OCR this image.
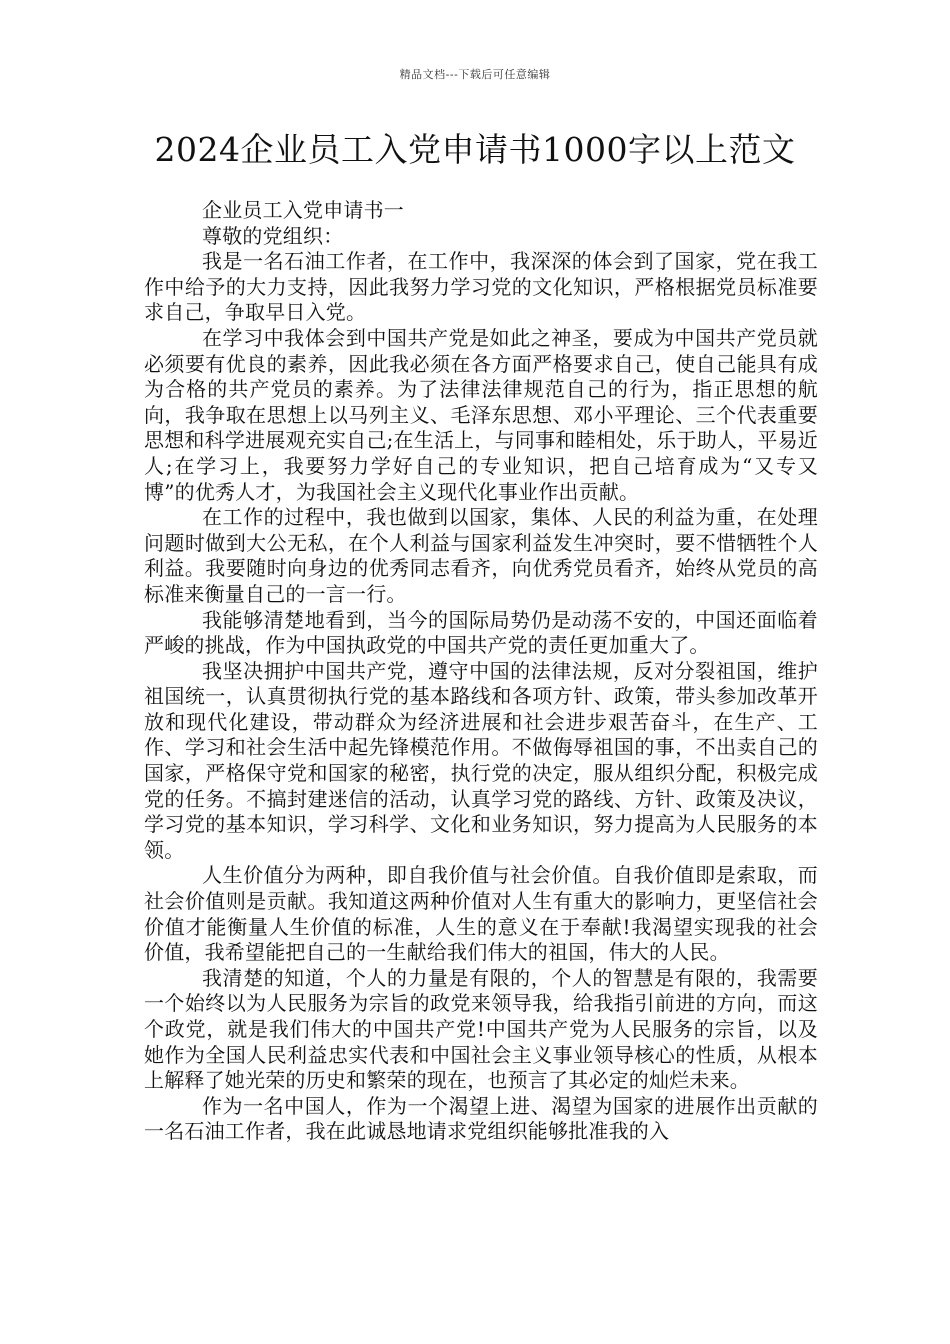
精品文档---下载后可任意编辑
2024企业员工入党申请书1000字以上范文

企业员工入党申请书一

尊敬的党组织：

我是一名石油工作者，在工作中，我深深的体会到了国家，党在我工作中给予的大力支持，因此我努力学习党的文化知识，严格根据党员标准要求自己，争取早日入党。

在学习中我体会到中国共产党是如此之神圣，要成为中国共产党员就必须要有优良的素养，因此我必须在各方面严格要求自己，使自己能具有成为合格的共产党员的素养。为了法律法律规范自己的行为，指正思想的航向，我争取在思想上以马列主义、毛泽东思想、邓小平理论、三个代表重要思想和科学进展观充实自己;在生活上，与同事和睦相处，乐于助人，平易近人;在学习上，我要努力学好自己的专业知识，把自己培育成为“又专又博”的优秀人才，为我国社会主义现代化事业作出贡献。

在工作的过程中，我也做到以国家，集体、人民的利益为重，在处理问题时做到大公无私，在个人利益与国家利益发生冲突时，要不惜牺牲个人利益。我要随时向身边的优秀同志看齐，向优秀党员看齐，始终从党员的高标准来衡量自己的一言一行。

我能够清楚地看到，当今的国际局势仍是动荡不安的，中国还面临着严峻的挑战，作为中国执政党的中国共产党的责任更加重大了。

我坚决拥护中国共产党，遵守中国的法律法规，反对分裂祖国，维护祖国统一，认真贯彻执行党的基本路线和各项方针、政策，带头参加改革开放和现代化建设，带动群众为经济进展和社会进步艰苦奋斗，在生产、工作、学习和社会生活中起先锋模范作用。不做侮辱祖国的事，不出卖自己的国家，严格保守党和国家的秘密，执行党的决定，服从组织分配，积极完成党的任务。不搞封建迷信的活动，认真学习党的路线、方针、政策及决议，学习党的基本知识，学习科学、文化和业务知识，努力提高为人民服务的本领。

人生价值分为两种，即自我价值与社会价值。自我价值即是索取，而社会价值则是贡献。我知道这两种价值对人生有重大的影响力，更坚信社会价值才能衡量人生价值的标准，人生的意义在于奉献!我渴望实现我的社会价值，我希望能把自己的一生献给我们伟大的祖国，伟大的人民。

我清楚的知道，个人的力量是有限的，个人的智慧是有限的，我需要一个始终以为人民服务为宗旨的政党来领导我，给我指引前进的方向，而这个政党，就是我们伟大的中国共产党!中国共产党为人民服务的宗旨，以及她作为全国人民利益忠实代表和中国社会主义事业领导核心的性质，从根本上解释了她光荣的历史和繁荣的现在，也预言了其必定的灿烂未来。

作为一名中国人，作为一个渴望上进、渴望为国家的进展作出贡献的一名石油工作者，我在此诚恳地请求党组织能够批准我的入
